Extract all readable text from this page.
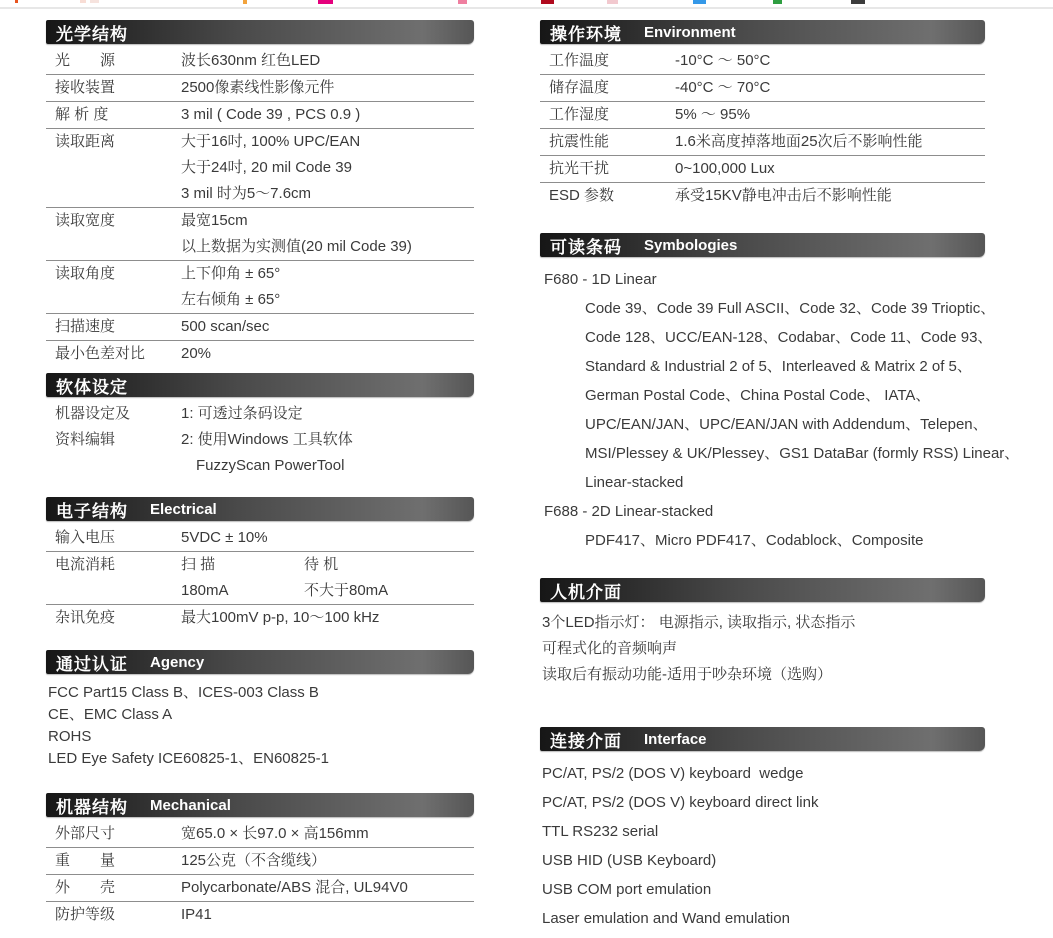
光学结构
光　　源	波长630nm 红色LED
接收装置	2500像素线性影像元件
解 析 度	3 mil ( Code 39 , PCS 0.9 )
读取距离	大于16吋, 100% UPC/EAN
大于24吋, 20 mil Code 39
3 mil 时为5～7.6cm
读取宽度	最宽15cm
以上数据为实测值(20 mil Code 39)
读取角度	上下仰角 ± 65°
左右倾角 ± 65°
扫描速度	500 scan/sec
最小色差对比	20%
软体设定
机器设定及	1: 可透过条码设定
资料编辑	2: 使用Windows 工具软体
FuzzyScan PowerTool
电子结构 Electrical
输入电压	5VDC ± 10%
电流消耗	扫 描	待 机
180mA	不大于80mA
杂讯免疫	最大100mV p-p, 10～100 kHz
通过认证 Agency
FCC Part15 Class B、ICES-003 Class B
CE、EMC Class A
ROHS
LED Eye Safety ICE60825-1、EN60825-1
机器结构 Mechanical
外部尺寸	宽65.0 × 长97.0 × 高156mm
重　　量	125公克（不含缆线）
外　　壳	Polycarbonate/ABS 混合, UL94V0
防护等级	IP41
操作环境 Environment
工作温度	-10°C ～ 50°C
储存温度	-40°C ～ 70°C
工作湿度	5% ～ 95%
抗震性能	1.6米高度掉落地面25次后不影响性能
抗光干扰	0~100,000 Lux
ESD 参数	承受15KV静电冲击后不影响性能
可读条码 Symbologies
F680 - 1D Linear
Code 39、Code 39 Full ASCII、Code 32、Code 39 Trioptic、
Code 128、UCC/EAN-128、Codabar、Code 11、Code 93、
Standard & Industrial 2 of 5、Interleaved & Matrix 2 of 5、
German Postal Code、China Postal Code、 IATA、
UPC/EAN/JAN、UPC/EAN/JAN with Addendum、Telepen、
MSI/Plessey & UK/Plessey、GS1 DataBar (formly RSS) Linear、
Linear-stacked
F688 - 2D Linear-stacked
PDF417、Micro PDF417、Codablock、Composite
人机介面
3个LED指示灯： 电源指示, 读取指示, 状态指示
可程式化的音频响声
读取后有振动功能-适用于吵杂环境（选购）
连接介面 Interface
PC/AT, PS/2 (DOS V) keyboard  wedge
PC/AT, PS/2 (DOS V) keyboard direct link
TTL RS232 serial
USB HID (USB Keyboard)
USB COM port emulation
Laser emulation and Wand emulation
